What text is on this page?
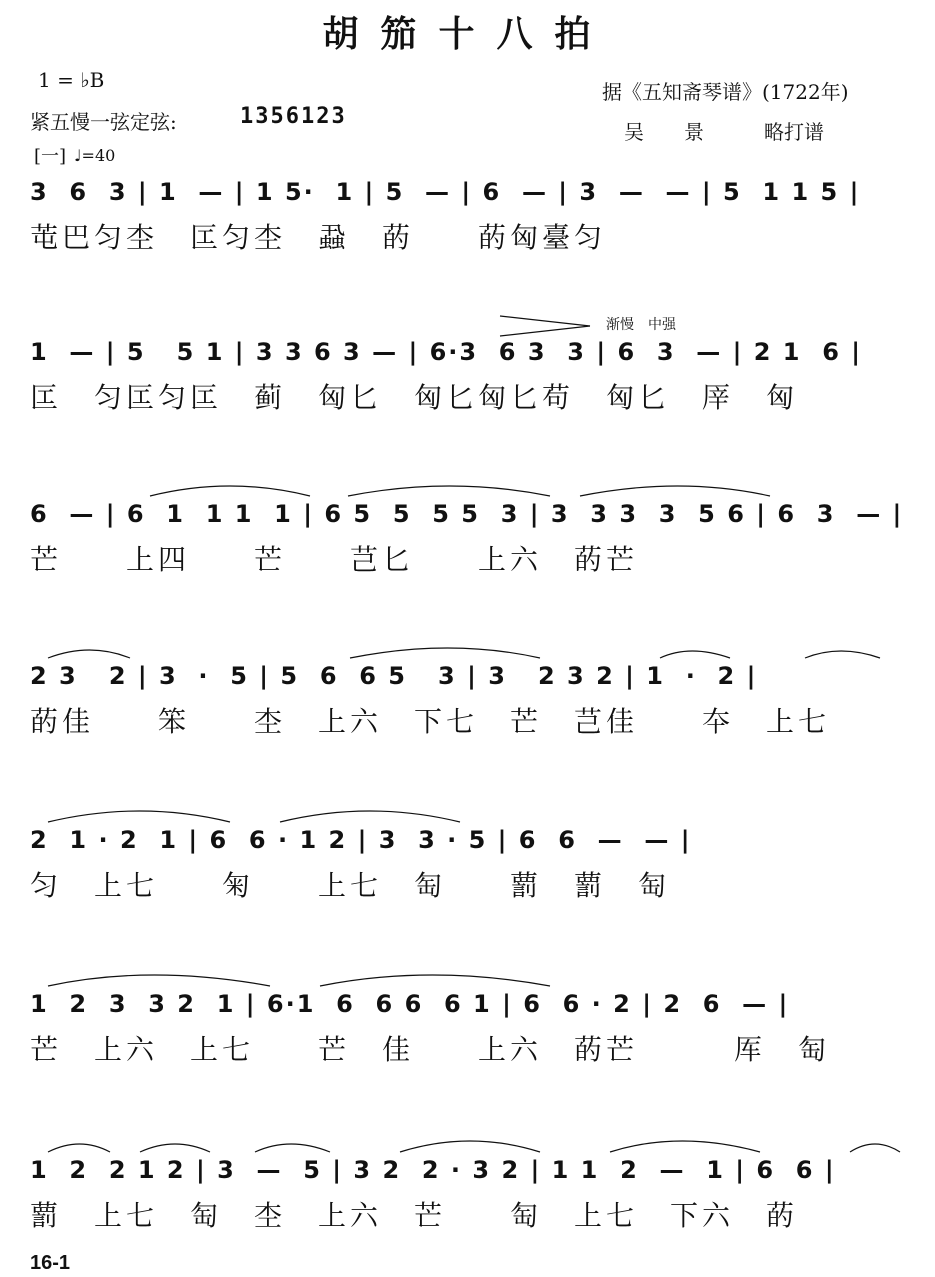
胡笳十八拍
1 = ♭B
紧五慢一弦定弦:	1356123
[一] ♩=40
据《五知斋琴谱》(1722年)
吴　　景　　　略打谱
渐慢　中强
3  6  3 | 1  — | 1 5·  1 | 5  — | 6  — | 3  —  — | 5  1 1 5 |
芚巴匀杢　匞匀杢　蝨　菂　　菂匈臺匀
1  — | 5   5 1 | 3 3 6 3 — | 6·3  6 3  3 | 6  3  — | 2 1  6 |
匞　匀匞匀匞　蓟　匈匕　匈匕匈匕苟　匈匕　厗　匈
6  — | 6  1  1 1  1 | 6 5  5  5 5  3 | 3  3 3  3  5 6 | 6  3  — |
芒　　上四　　芒　　芑匕　　上六　菂芒
2 3   2 | 3  ·  5 | 5  6  6 5   3 | 3   2 3 2 | 1  ·  2 |
菂佳　　笨　　杢　上六　下七　芒　芑佳　　夲　上七
2  1 · 2  1 | 6  6 · 1 2 | 3  3 · 5 | 6  6  —  — |
匀　上七　　匊　　上七　匋　　藅　藅　匋
1  2  3  3 2  1 | 6·1  6  6 6  6 1 | 6  6 · 2 | 2  6  — |
芒　上六　上七　　芒　佳　　上六　菂芒　　　厍　匋
1  2  2 1 2 | 3  —  5 | 3 2  2 · 3 2 | 1 1  2  —  1 | 6  6 |
藅　上七　匋　杢　上六　芒　　匋　上七　下六　菂
16-1
